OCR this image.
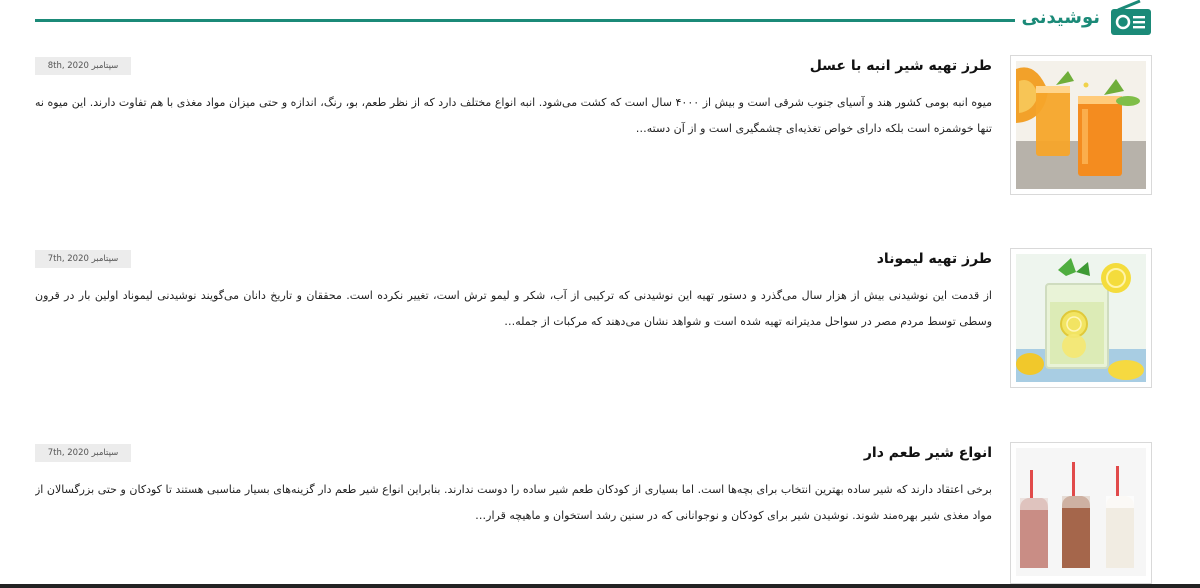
نوشیدنی
طرز تهیه شیر انبه با عسل
سپتامبر 8th, 2020
میوه انبه بومی کشور هند و آسیای جنوب شرقی است و بیش از ۴۰۰۰ سال است که کشت می‌شود. انبه انواع مختلف دارد که از نظر طعم، بو، رنگ، اندازه و حتی میزان مواد مغذی با هم تفاوت دارند. این میوه نه تنها خوشمزه است بلکه دارای خواص تغذیه‌ای چشمگیری است و از آن دسته…
طرز تهیه لیموناد
سپتامبر 7th, 2020
از قدمت این نوشیدنی بیش از هزار سال می‌گذرد و دستور تهیه این نوشیدنی که ترکیبی از آب، شکر و لیمو ترش است، تغییر نکرده است. محققان و تاریخ دانان می‌گویند نوشیدنی لیموناد اولین بار در قرون وسطی توسط مردم مصر در سواحل مدیترانه تهیه شده است و شواهد نشان می‌دهند که مرکبات از جمله…
انواع شیر طعم دار
سپتامبر 7th, 2020
برخی اعتقاد دارند که شیر ساده بهترین انتخاب برای بچه‌ها است. اما بسیاری از کودکان طعم شیر ساده را دوست ندارند. بنابراین انواع شیر طعم دار گزینه‌های بسیار مناسبی هستند تا کودکان و حتی بزرگسالان از مواد مغذی شیر بهره‌مند شوند. نوشیدن شیر برای کودکان و نوجوانانی که در سنین رشد استخوان و ماهیچه قرار…
